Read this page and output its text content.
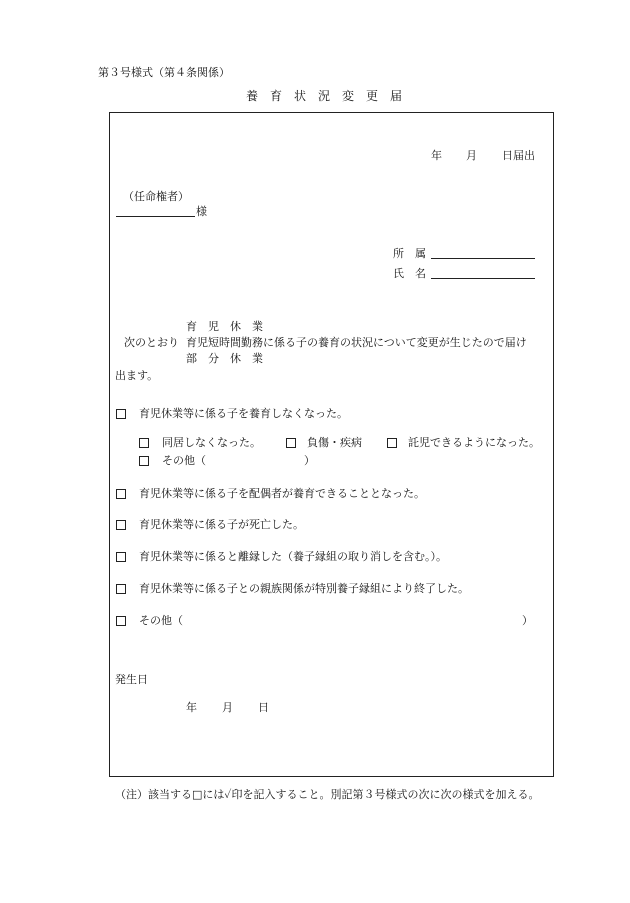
第３号様式（第４条関係）
養育状況変更届
年 月 日届出
（任命権者）
様
所　属
氏　名
育　児　休　業
次のとおり 育児短時間勤務 に係る子の養育の状況について変更が生じたので届け
部　分　休　業
出ます。
育児休業等に係る子を養育しなくなった。
同居しなくなった。	負傷・疾病	託児できるようになった。
その他（	）
育児休業等に係る子を配偶者が養育できることとなった。
育児休業等に係る子が死亡した。
育児休業等に係ると離縁した（養子縁組の取り消しを含む。）。
育児休業等に係る子との親族関係が特別養子縁組により終了した。
その他（	）
発生日
年 月 日
（注）該当する□には✓印を記入すること。別記第３号様式の次に次の様式を加える。
